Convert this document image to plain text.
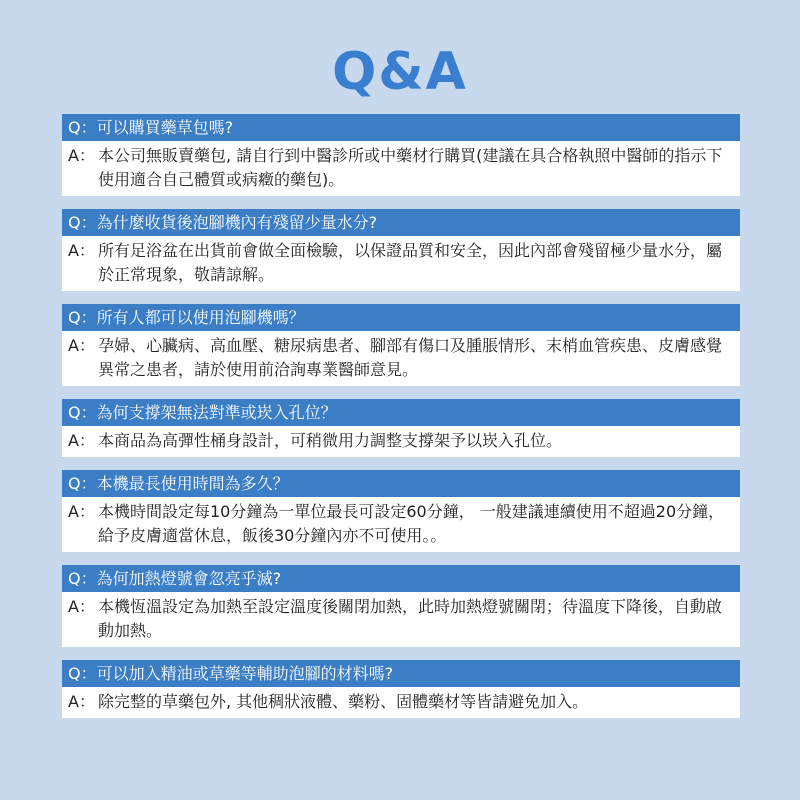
Q&A
Q：可以購買藥草包嗎?
A： 本公司無販賣藥包, 請自行到中醫診所或中藥材行購買(建議在具合格執照中醫師的指示下使用適合自己體質或病癥的藥包)。
Q：為什麼收貨後泡腳機內有殘留少量水分?
A： 所有足浴盆在出貨前會做全面檢驗，以保證品質和安全，因此內部會殘留極少量水分，屬於正常現象，敬請諒解。
Q：所有人都可以使用泡腳機嗎？
A： 孕婦、心臟病、高血壓、糖尿病患者、腳部有傷口及腫脹情形、末梢血管疾患、皮膚感覺異常之患者，請於使用前洽詢專業醫師意見。
Q：為何支撐架無法對準或崁入孔位？
A： 本商品為高彈性桶身設計，可稍微用力調整支撐架予以崁入孔位。
Q：本機最長使用時間為多久？
A： 本機時間設定每10分鐘為一單位最長可設定60分鐘， 一般建議連續使用不超過20分鐘，給予皮膚適當休息，飯後30分鐘內亦不可使用。。
Q：為何加熱燈號會忽亮乎滅?
A： 本機恆溫設定為加熱至設定溫度後關閉加熱，此時加熱燈號關閉；待溫度下降後，自動啟動加熱。
Q：可以加入精油或草藥等輔助泡腳的材料嗎?
A： 除完整的草藥包外, 其他稠狀液體、藥粉、固體藥材等皆請避免加入。
